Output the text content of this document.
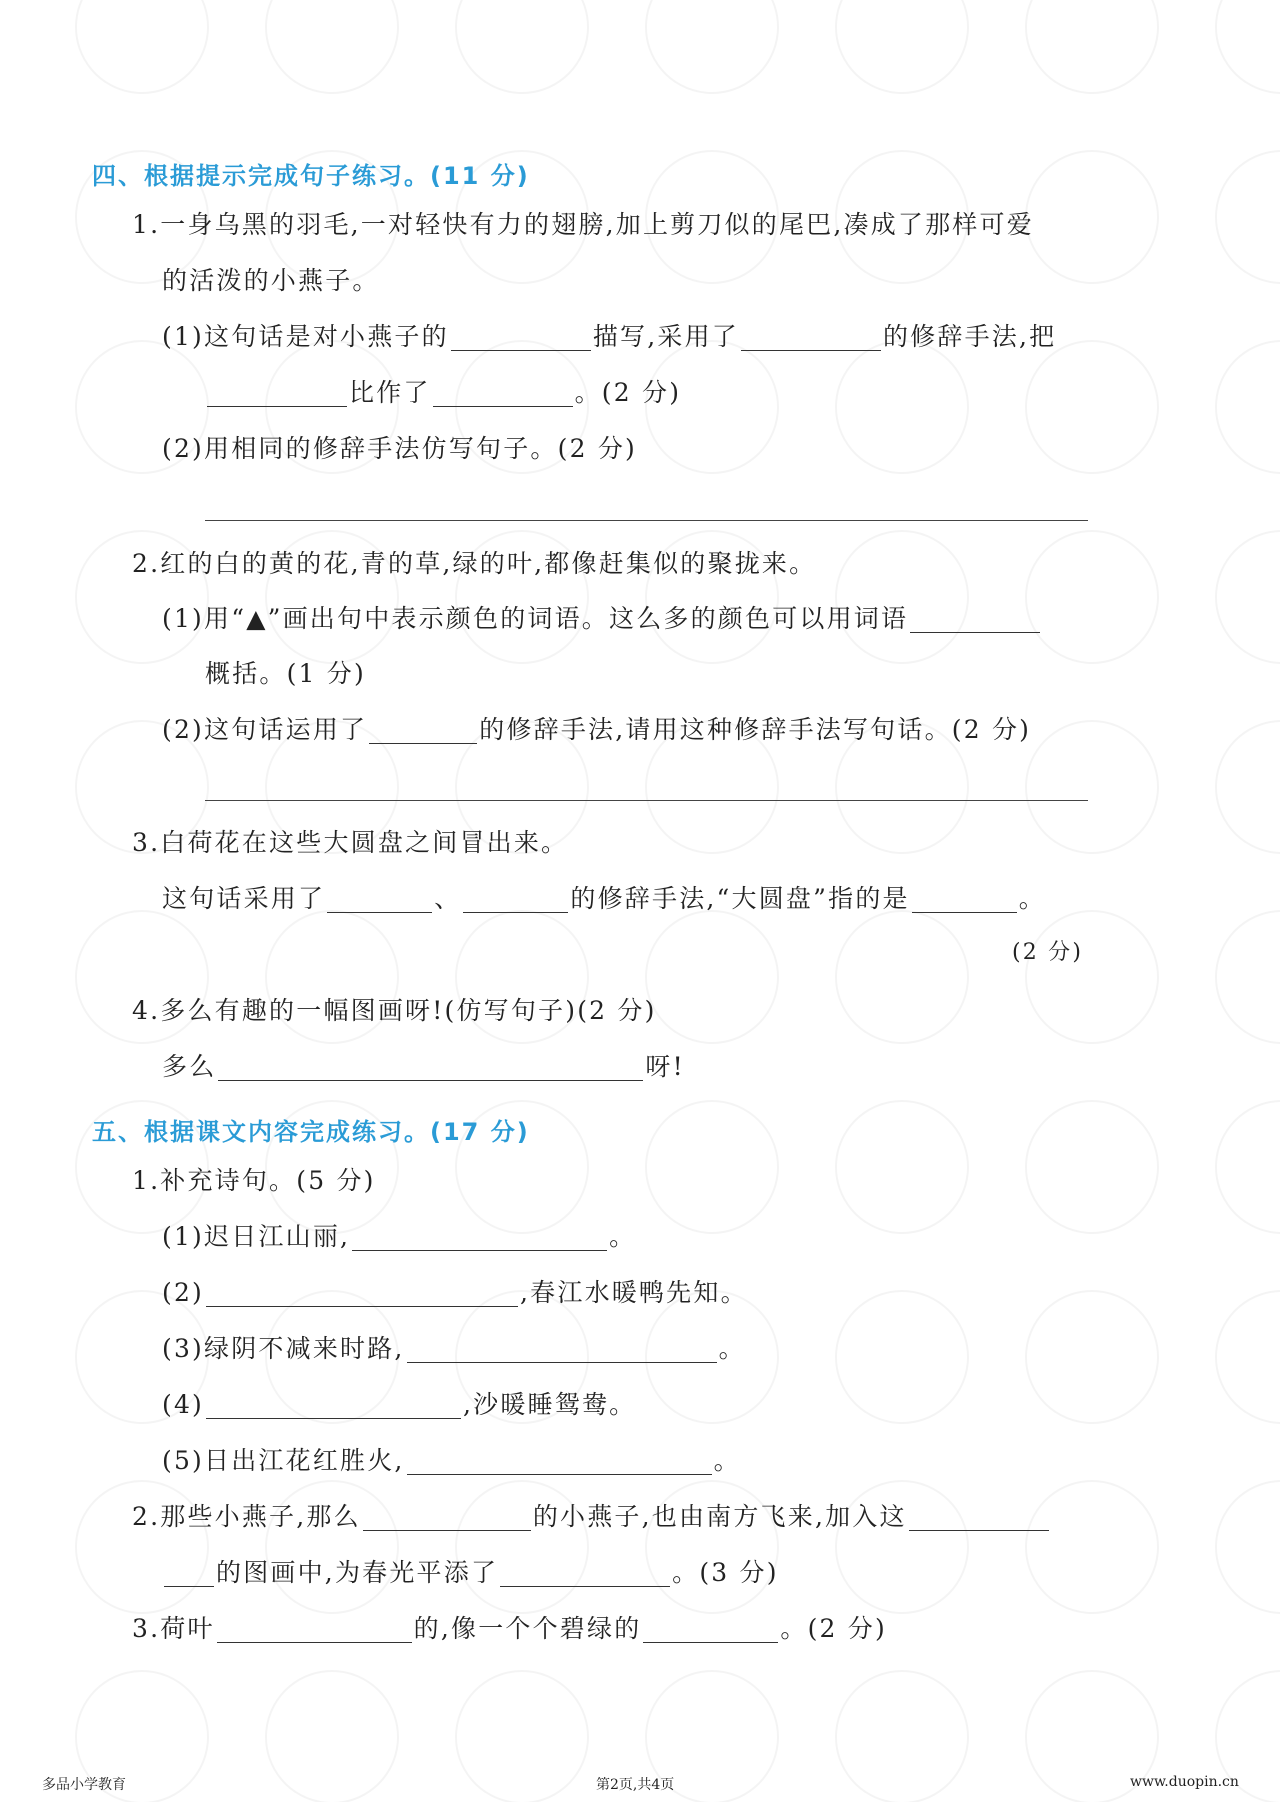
四、根据提示完成句子练习。(11 分)
1.一身乌黑的羽毛,一对轻快有力的翅膀,加上剪刀似的尾巴,凑成了那样可爱
的活泼的小燕子。
(1)这句话是对小燕子的	描写,采用了	的修辞手法,把
比作了	。(2 分)
(2)用相同的修辞手法仿写句子。(2 分)
2.红的白的黄的花,青的草,绿的叶,都像赶集似的聚拢来。
(1)用“▲”画出句中表示颜色的词语。这么多的颜色可以用词语
概括。(1 分)
(2)这句话运用了	的修辞手法,请用这种修辞手法写句话。(2 分)
3.白荷花在这些大圆盘之间冒出来。
这句话采用了	、	的修辞手法,“大圆盘”指的是	。
(2 分)
4.多么有趣的一幅图画呀!(仿写句子)(2 分)
多么	呀!
五、根据课文内容完成练习。(17 分)
1.补充诗句。(5 分)
(1)迟日江山丽,	。
(2)	,春江水暖鸭先知。
(3)绿阴不减来时路,	。
(4)	,沙暖睡鸳鸯。
(5)日出江花红胜火,	。
2.那些小燕子,那么	的小燕子,也由南方飞来,加入这
的图画中,为春光平添了	。(3 分)
3.荷叶	的,像一个个碧绿的	。(2 分)
多品小学教育	第2页,共4页	www.duopin.cn
